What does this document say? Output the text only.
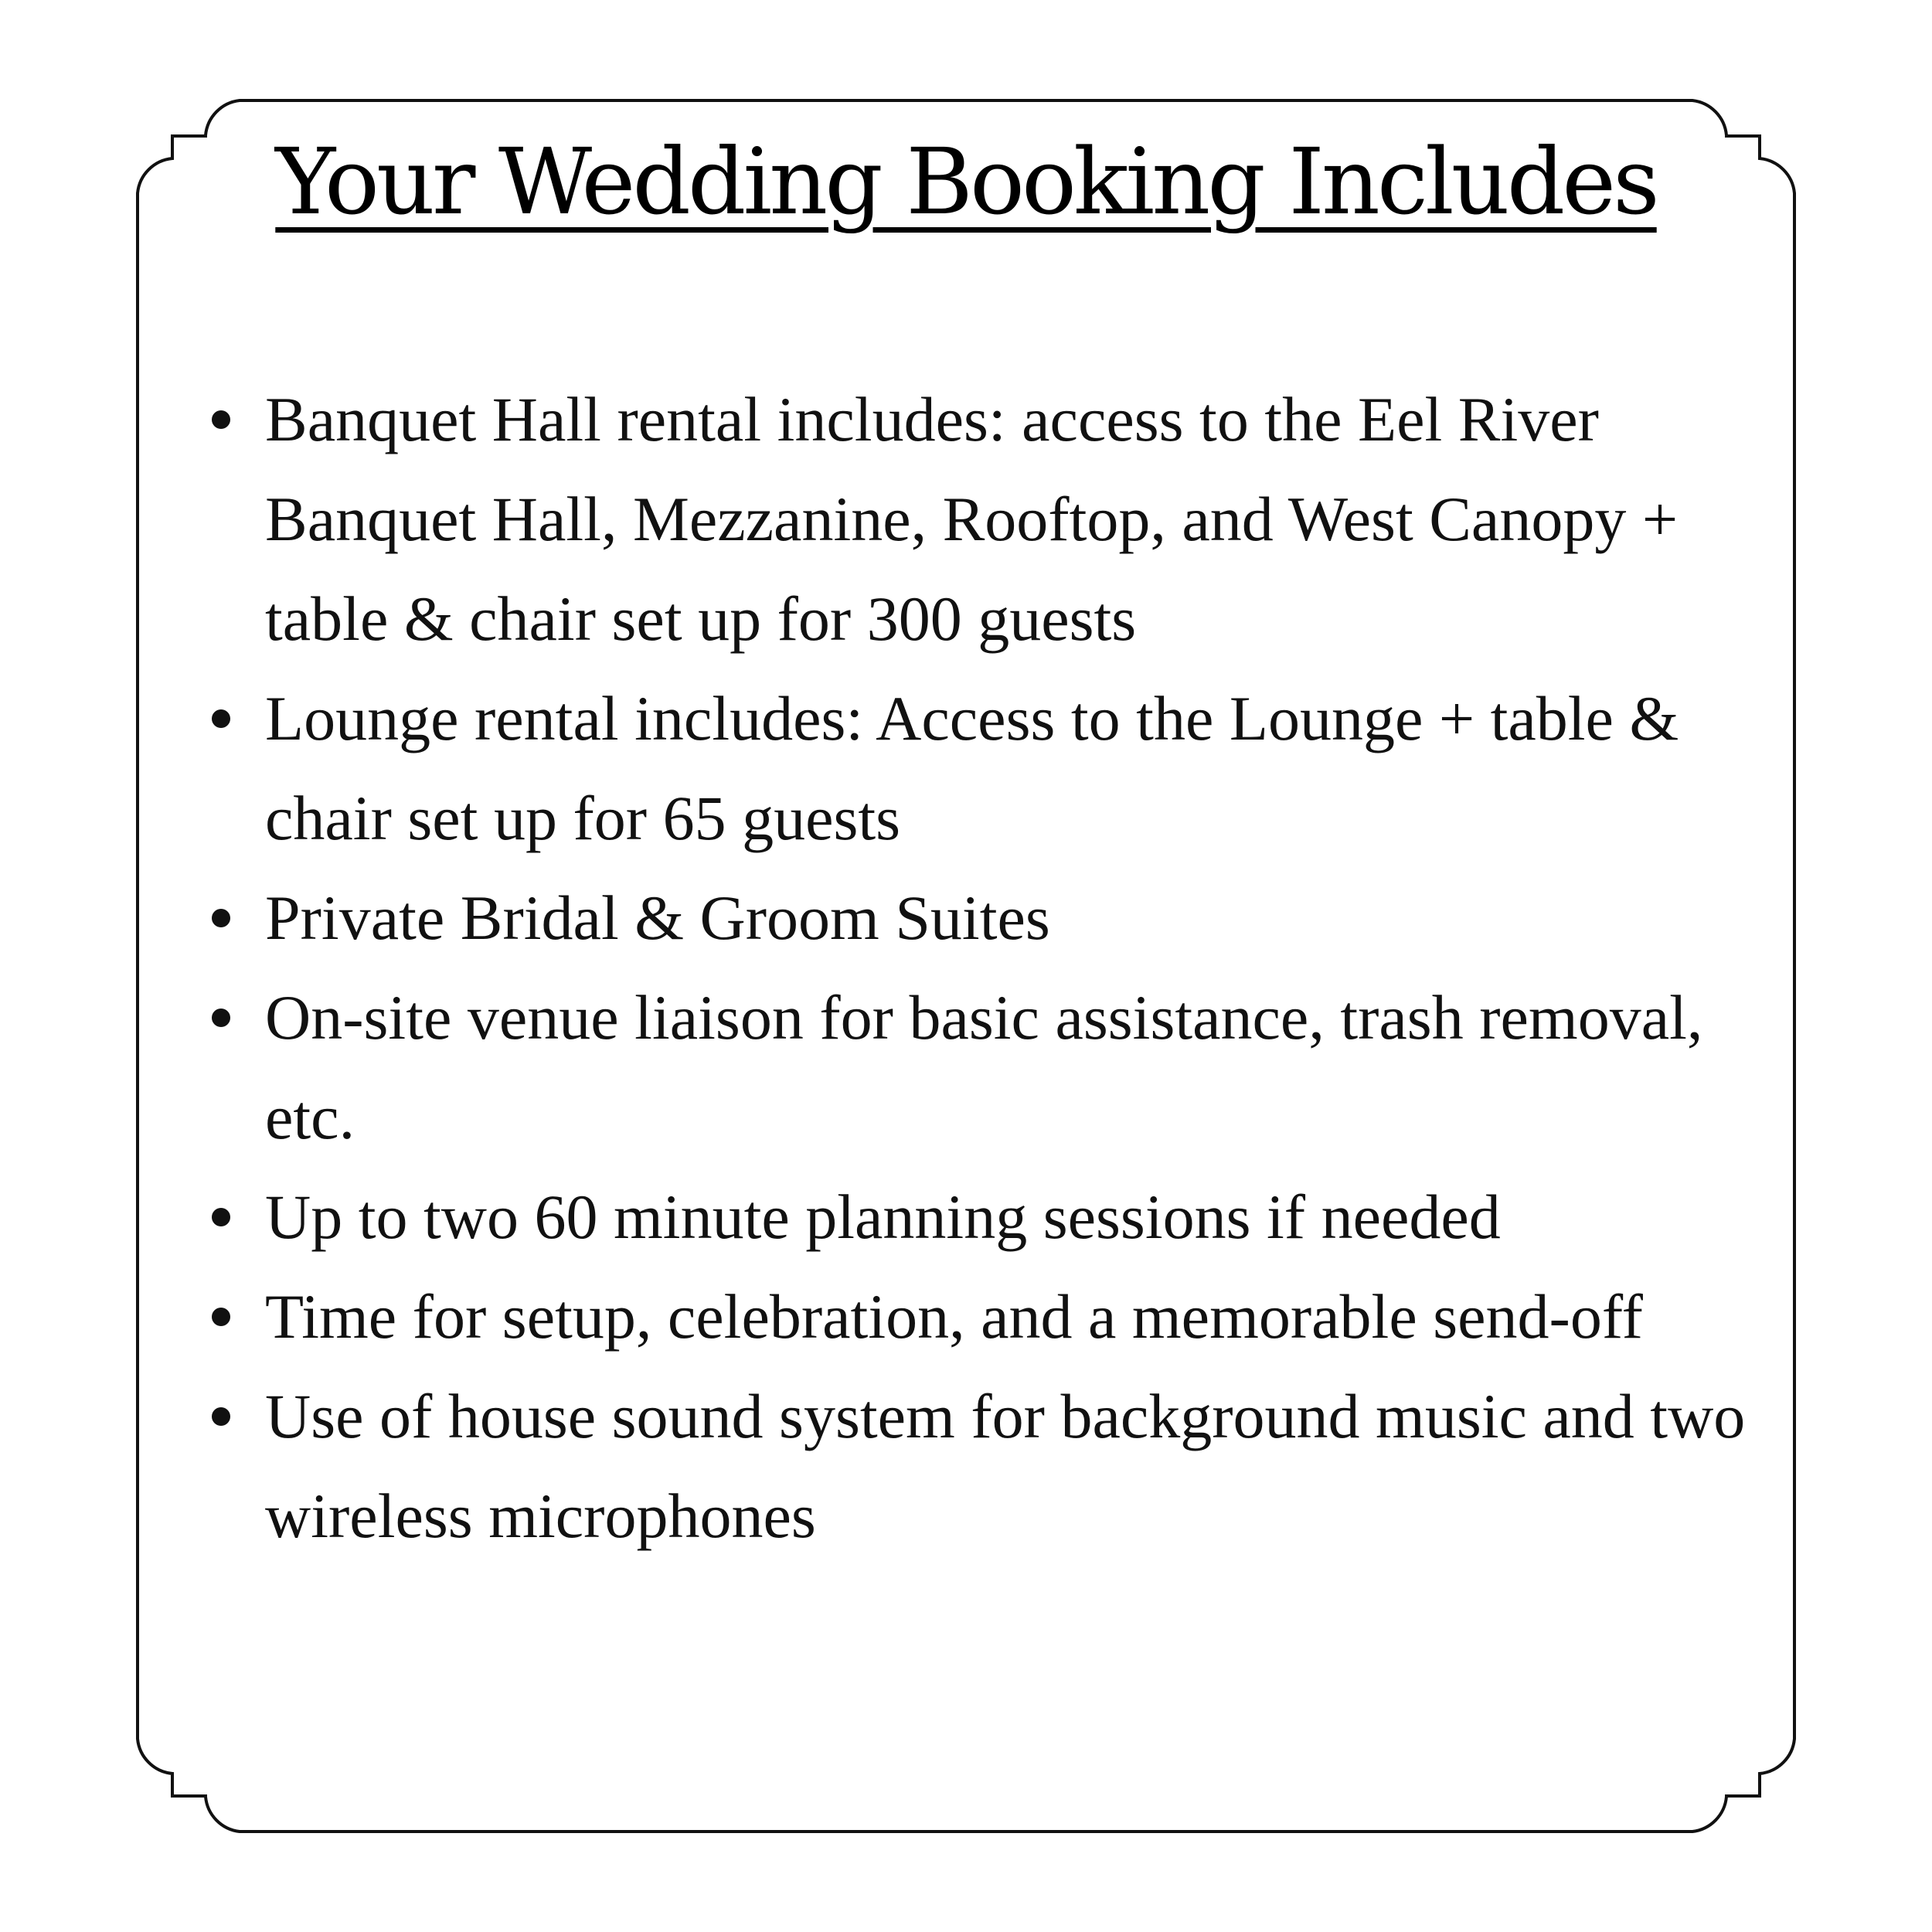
Your Wedding Booking Includes
Banquet Hall rental includes: access to the Eel River Banquet Hall, Mezzanine, Rooftop, and West Canopy + table & chair set up for 300 guests
Lounge rental includes: Access to the Lounge + table & chair set up for 65 guests
Private Bridal & Groom Suites
On-site venue liaison for basic assistance, trash removal, etc.
Up to two 60 minute planning sessions if needed
Time for setup, celebration, and a memorable send-off
Use of house sound system for background music and two wireless microphones
